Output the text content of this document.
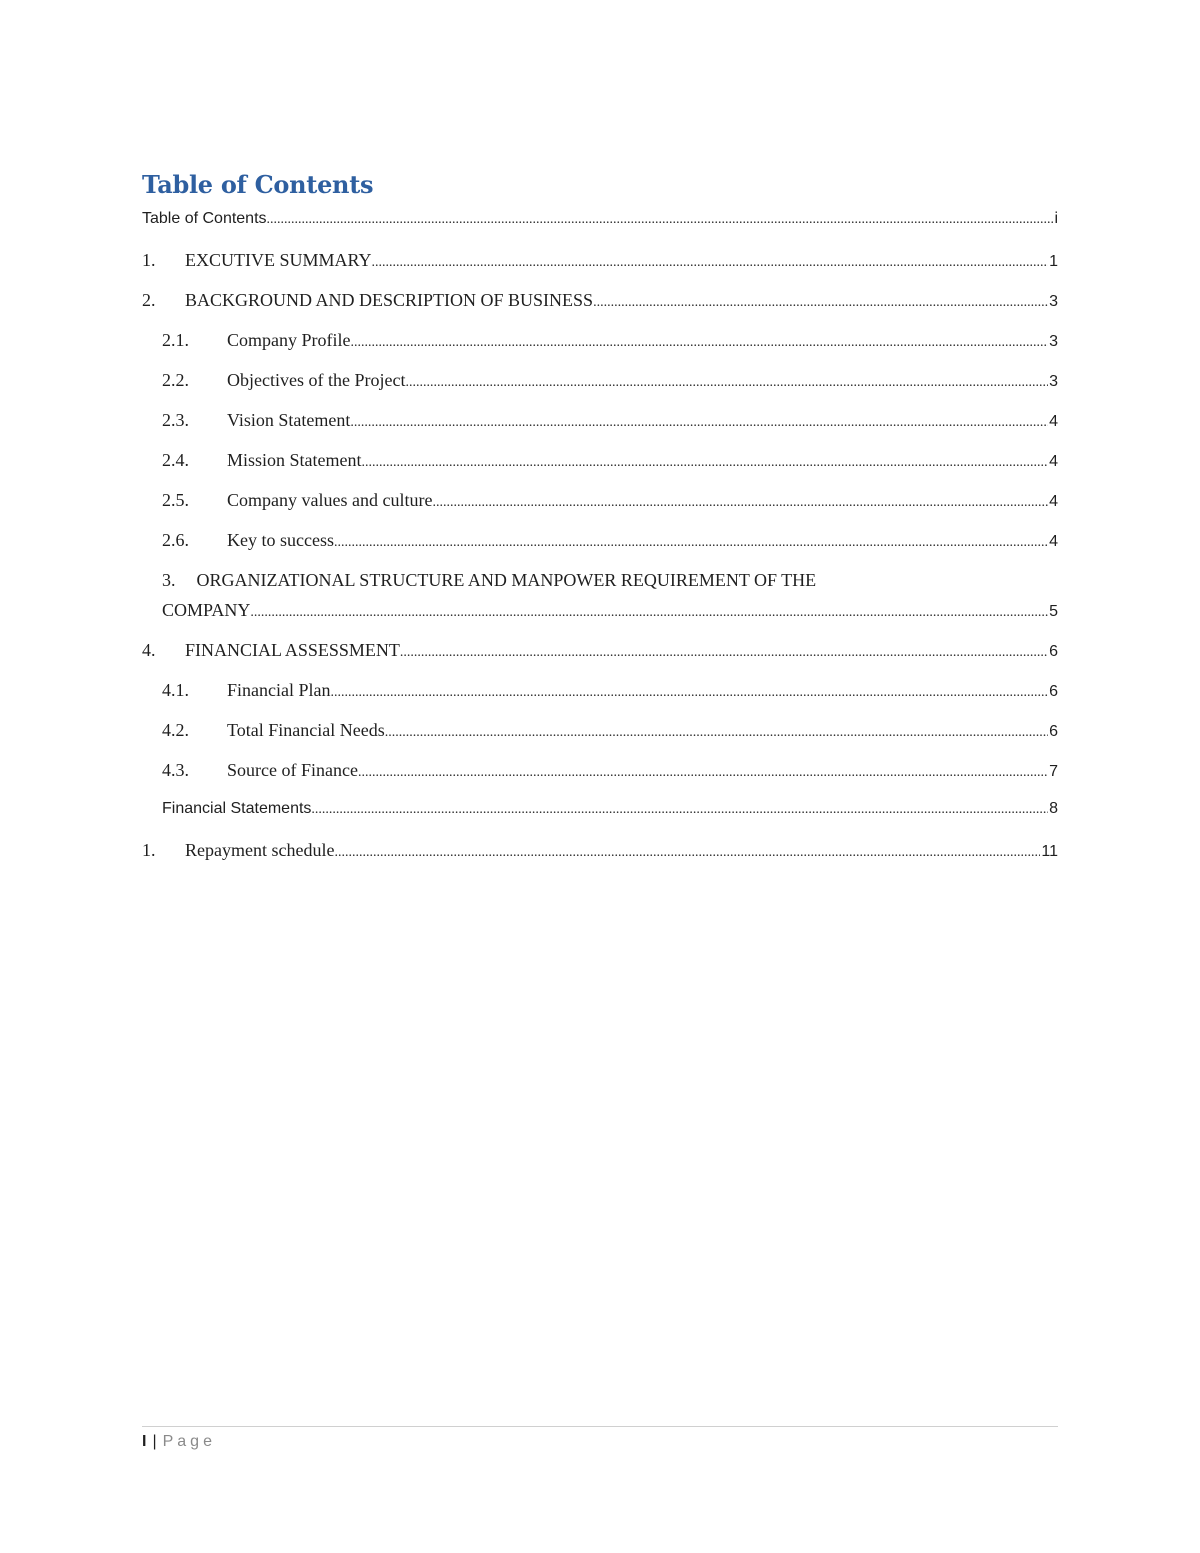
Table of Contents
Table of Contents .....	i
1.	EXCUTIVE SUMMARY .....	1
2.	BACKGROUND AND DESCRIPTION OF BUSINESS .....	3
2.1.	Company Profile .....	3
2.2.	Objectives of the Project .....	3
2.3.	Vision Statement .....	4
2.4.	Mission Statement .....	4
2.5.	Company values and culture .....	4
2.6.	Key to success .....	4
3. ORGANIZATIONAL STRUCTURE AND MANPOWER REQUIREMENT OF THE
COMPANY .....	5
4.	FINANCIAL ASSESSMENT .....	6
4.1.	Financial Plan .....	6
4.2.	Total Financial Needs .....	6
4.3.	Source of Finance .....	7
Financial Statements .....	8
1.	Repayment schedule .....	11
I | Page
